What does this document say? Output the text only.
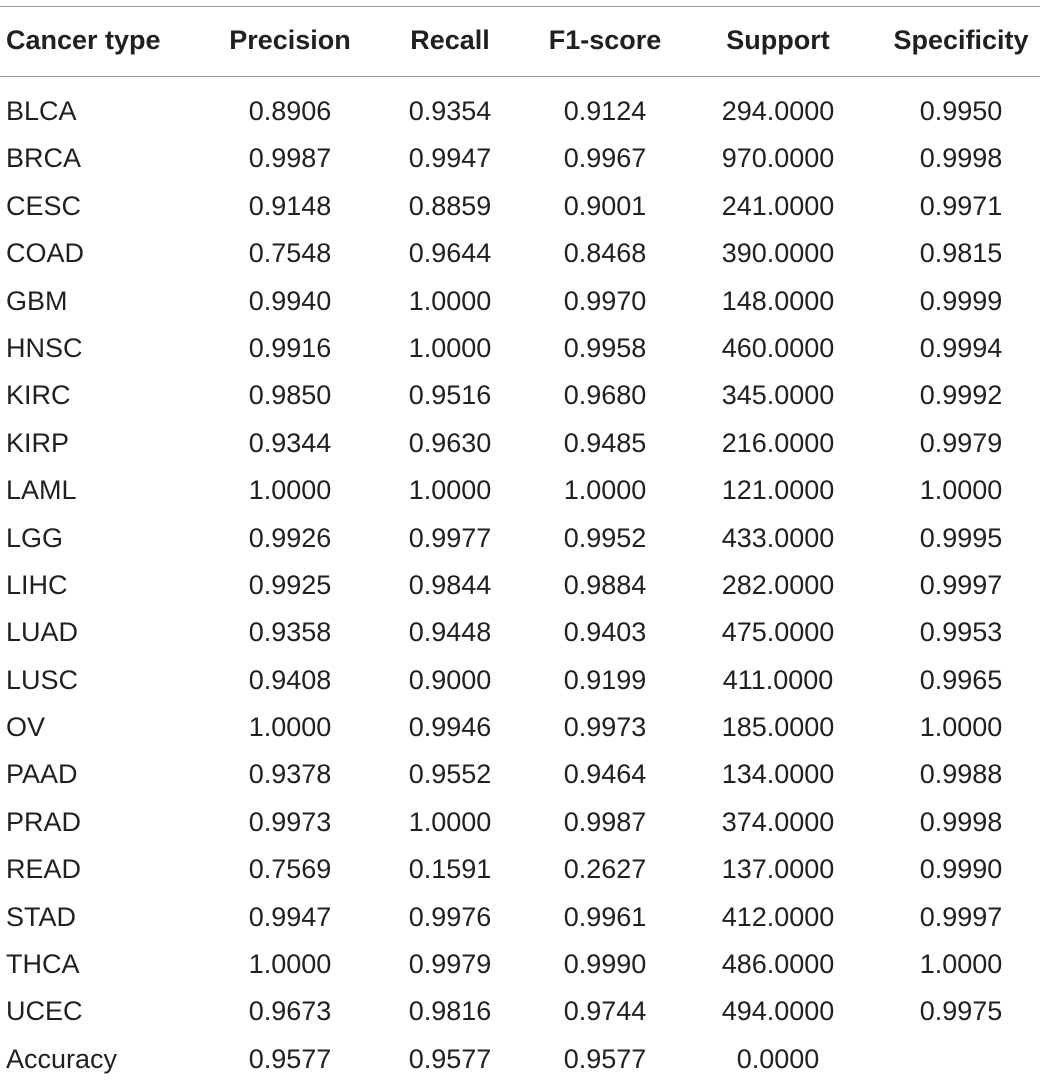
Cancer type	Precision	Recall	F1-score	Support	Specificity
BLCA	0.8906	0.9354	0.9124	294.0000	0.9950
BRCA	0.9987	0.9947	0.9967	970.0000	0.9998
CESC	0.9148	0.8859	0.9001	241.0000	0.9971
COAD	0.7548	0.9644	0.8468	390.0000	0.9815
GBM	0.9940	1.0000	0.9970	148.0000	0.9999
HNSC	0.9916	1.0000	0.9958	460.0000	0.9994
KIRC	0.9850	0.9516	0.9680	345.0000	0.9992
KIRP	0.9344	0.9630	0.9485	216.0000	0.9979
LAML	1.0000	1.0000	1.0000	121.0000	1.0000
LGG	0.9926	0.9977	0.9952	433.0000	0.9995
LIHC	0.9925	0.9844	0.9884	282.0000	0.9997
LUAD	0.9358	0.9448	0.9403	475.0000	0.9953
LUSC	0.9408	0.9000	0.9199	411.0000	0.9965
OV	1.0000	0.9946	0.9973	185.0000	1.0000
PAAD	0.9378	0.9552	0.9464	134.0000	0.9988
PRAD	0.9973	1.0000	0.9987	374.0000	0.9998
READ	0.7569	0.1591	0.2627	137.0000	0.9990
STAD	0.9947	0.9976	0.9961	412.0000	0.9997
THCA	1.0000	0.9979	0.9990	486.0000	1.0000
UCEC	0.9673	0.9816	0.9744	494.0000	0.9975
Accuracy	0.9577	0.9577	0.9577	0.0000
